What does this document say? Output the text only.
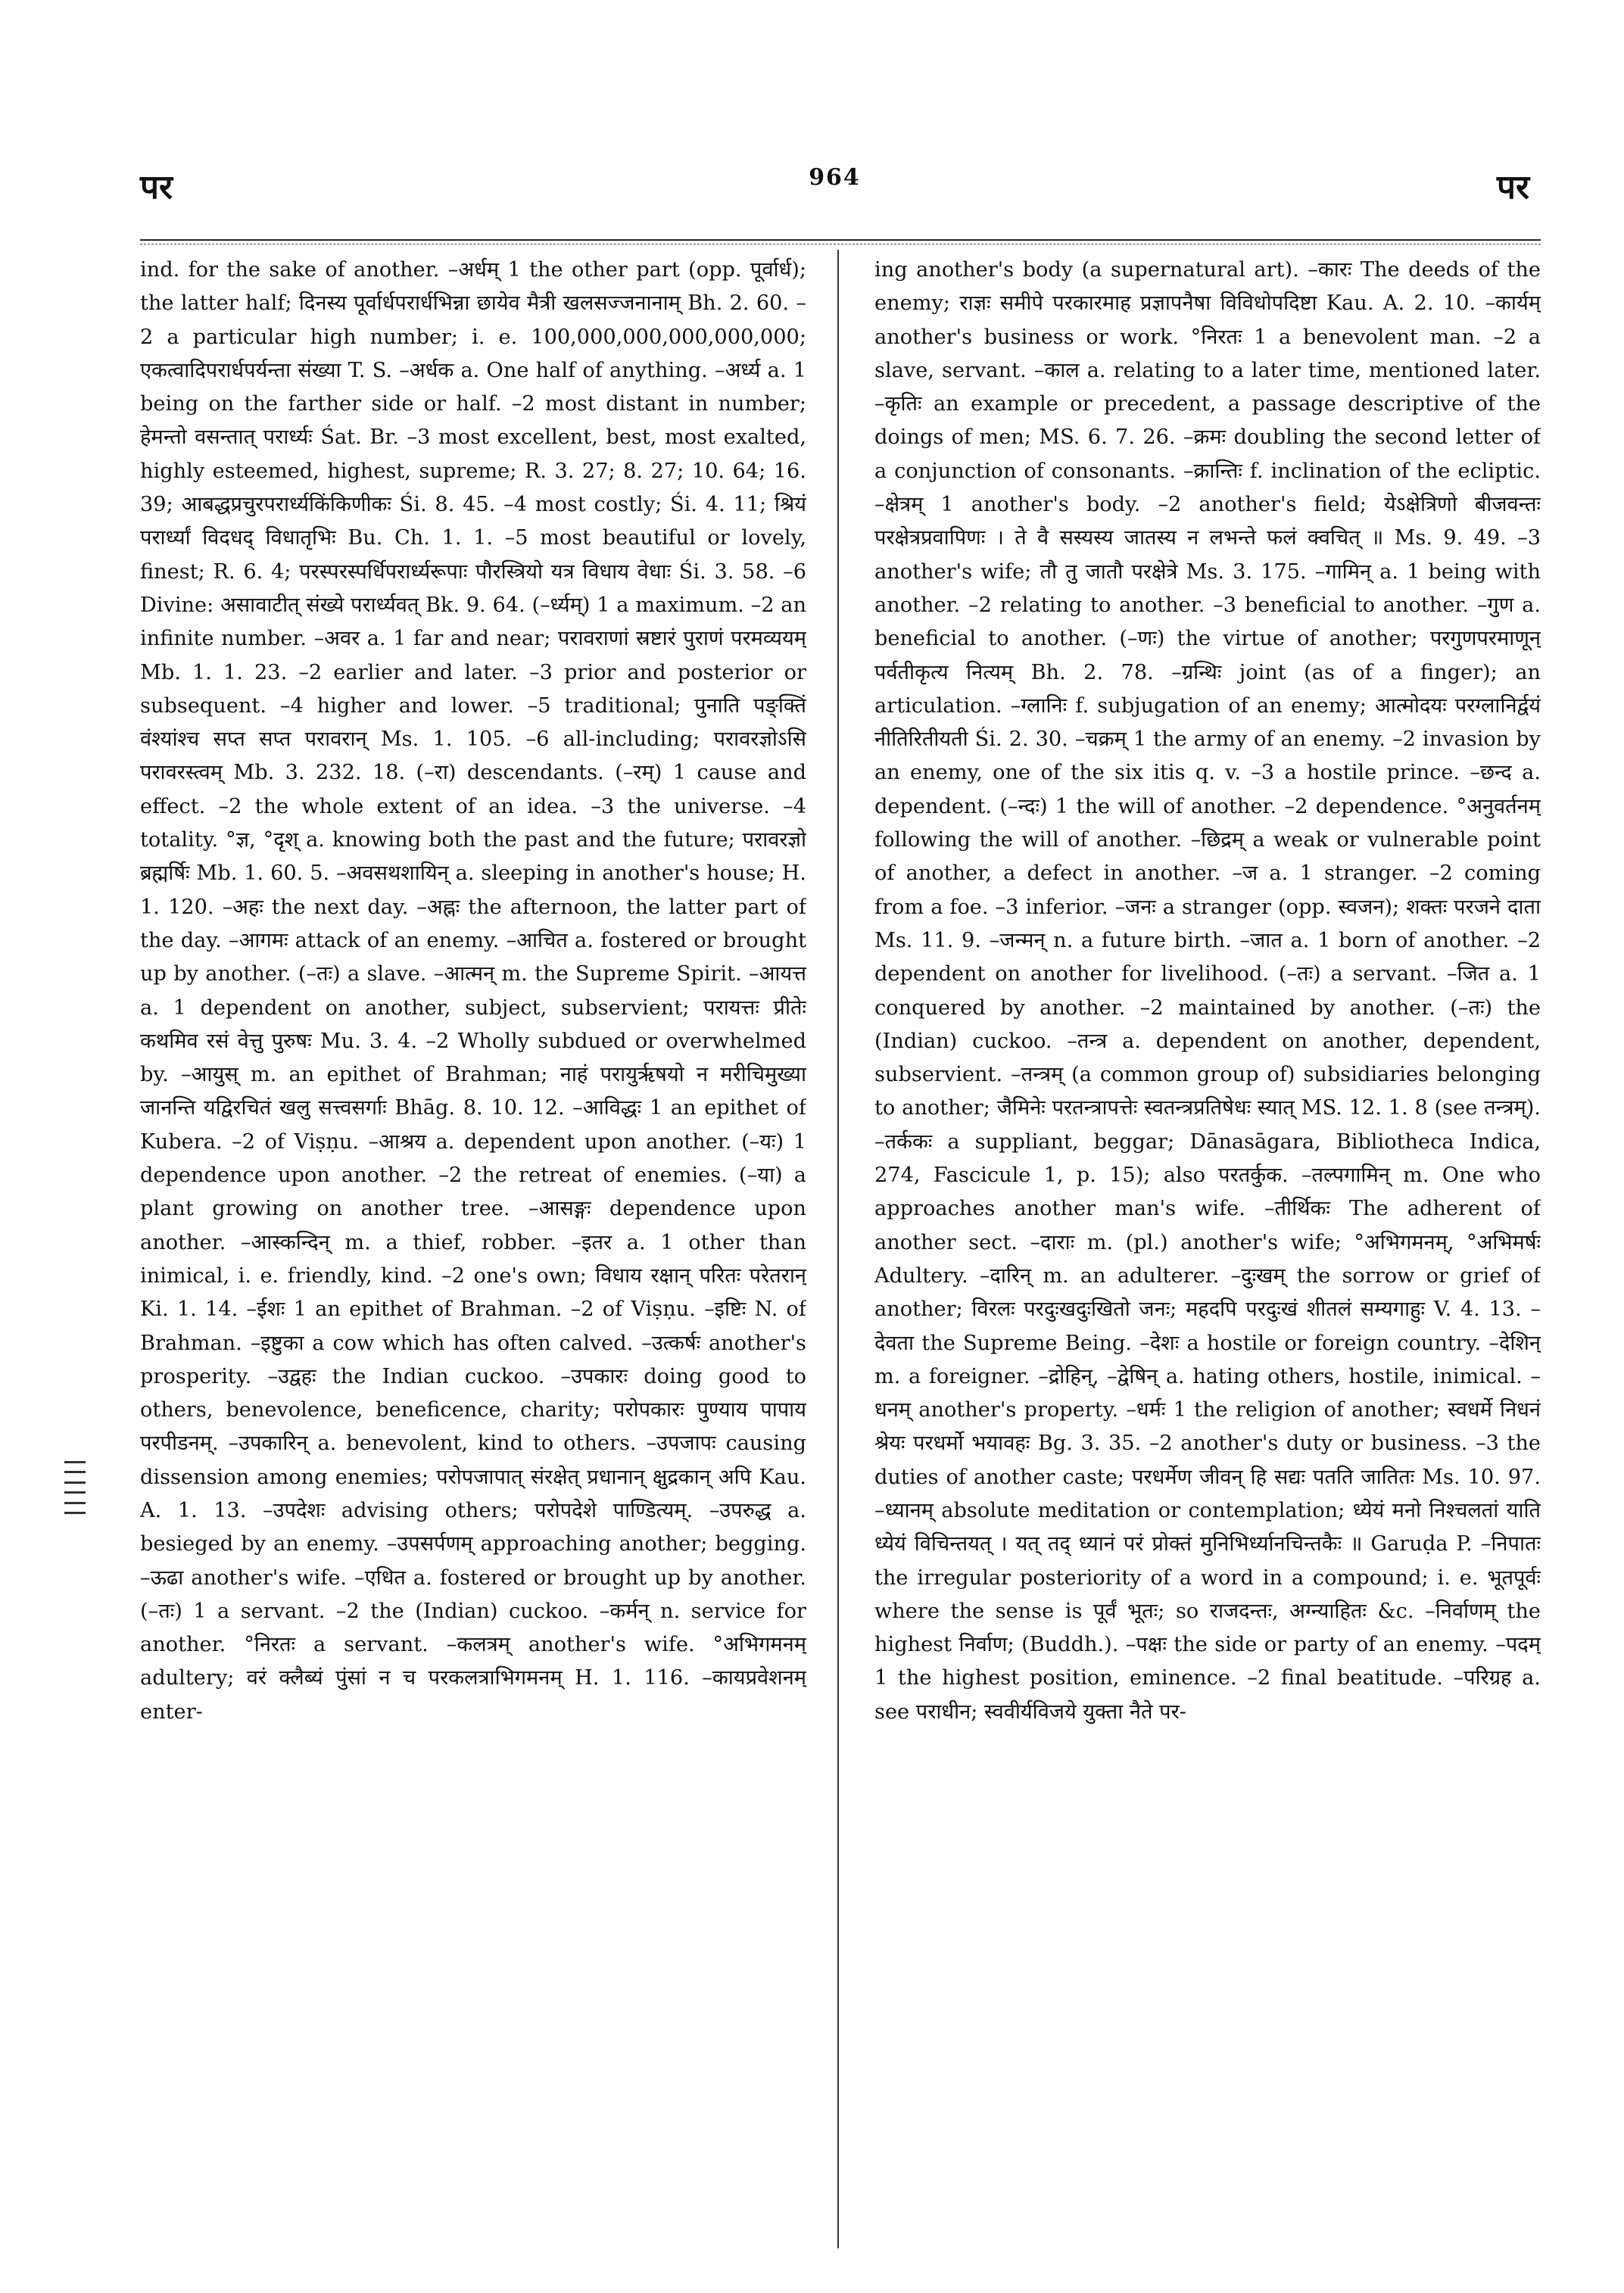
पर	964	पर
ind. for the sake of another. –अर्धम् 1 the other part (opp. पूर्वार्ध); the latter half; दिनस्य पूर्वार्धपरार्धभिन्ना छायेव मैत्री खलसज्जनानाम् Bh. 2. 60. –2 a particular high number; i. e. 100,000,000,000,000,000; एकत्वादिपरार्धपर्यन्ता संख्या T. S. –अर्धक a. One half of anything. –अर्ध्य a. 1 being on the farther side or half. –2 most distant in number; हेमन्तो वसन्तात् परार्ध्यः Śat. Br. –3 most excellent, best, most exalted, highly esteemed, highest, supreme; R. 3. 27; 8. 27; 10. 64; 16. 39; आबद्धप्रचुरपरार्ध्यकिंकिणीकः Śi. 8. 45. –4 most costly; Śi. 4. 11; श्रियं परार्ध्यां विदधद् विधातृभिः Bu. Ch. 1. 1. –5 most beautiful or lovely, finest; R. 6. 4; परस्परस्पर्धिपरार्ध्यरूपाः पौरस्त्रियो यत्र विधाय वेधाः Śi. 3. 58. –6 Divine: असावाटीत् संख्ये परार्ध्यवत् Bk. 9. 64. (–र्ध्यम्) 1 a maximum. –2 an infinite number. –अवर a. 1 far and near; परावराणां स्रष्टारं पुराणं परमव्ययम् Mb. 1. 1. 23. –2 earlier and later. –3 prior and posterior or subsequent. –4 higher and lower. –5 traditional; पुनाति पङ्क्तिं वंश्यांश्च सप्त सप्त परावरान् Ms. 1. 105. –6 all-including; परावरज्ञोऽसि परावरस्त्वम् Mb. 3. 232. 18. (–रा) descendants. (–रम्) 1 cause and effect. –2 the whole extent of an idea. –3 the universe. –4 totality. °ज्ञ, °दृश् a. knowing both the past and the future; परावरज्ञो ब्रह्मर्षिः Mb. 1. 60. 5. –अवसथशायिन् a. sleeping in another's house; H. 1. 120. –अहः the next day. –अह्नः the afternoon, the latter part of the day. –आगमः attack of an enemy. –आचित a. fostered or brought up by another. (–तः) a slave. –आत्मन् m. the Supreme Spirit. –आयत्त a. 1 dependent on another, subject, subservient; परायत्तः प्रीतेः कथमिव रसं वेत्तु पुरुषः Mu. 3. 4. –2 Wholly subdued or overwhelmed by. –आयुस् m. an epithet of Brahman; नाहं परायुर्ऋषयो न मरीचिमुख्या जानन्ति यद्विरचितं खलु सत्त्वसर्गाः Bhāg. 8. 10. 12. –आविद्धः 1 an epithet of Kubera. –2 of Viṣṇu. –आश्रय a. dependent upon another. (–यः) 1 dependence upon another. –2 the retreat of enemies. (–या) a plant growing on another tree. –आसङ्गः dependence upon another. –आस्कन्दिन् m. a thief, robber. –इतर a. 1 other than inimical, i. e. friendly, kind. –2 one's own; विधाय रक्षान् परितः परेतरान् Ki. 1. 14. –ईशः 1 an epithet of Brahman. –2 of Viṣṇu. –इष्टिः N. of Brahman. –इष्टुका a cow which has often calved. –उत्कर्षः another's prosperity. –उद्वहः the Indian cuckoo. –उपकारः doing good to others, benevolence, beneficence, charity; परोपकारः पुण्याय पापाय परपीडनम्. –उपकारिन् a. benevolent, kind to others. –उपजापः causing dissension among enemies; परोपजापात् संरक्षेत् प्रधानान् क्षुद्रकान् अपि Kau. A. 1. 13. –उपदेशः advising others; परोपदेशे पाण्डित्यम्. –उपरुद्ध a. besieged by an enemy. –उपसर्पणम् approaching another; begging. –ऊढा another's wife. –एधित a. fostered or brought up by another. (–तः) 1 a servant. –2 the (Indian) cuckoo. –कर्मन् n. service for another. °निरतः a servant. –कलत्रम् another's wife. °अभिगमनम् adultery; वरं क्लैब्यं पुंसां न च परकलत्राभिगमनम् H. 1. 116. –कायप्रवेशनम् enter-
ing another's body (a supernatural art). –कारः The deeds of the enemy; राज्ञः समीपे परकारमाह प्रज्ञापनैषा विविधोपदिष्टा Kau. A. 2. 10. –कार्यम् another's business or work. °निरतः 1 a benevolent man. –2 a slave, servant. –काल a. relating to a later time, mentioned later. –कृतिः an example or precedent, a passage descriptive of the doings of men; MS. 6. 7. 26. –क्रमः doubling the second letter of a conjunction of consonants. –क्रान्तिः f. inclination of the ecliptic. –क्षेत्रम् 1 another's body. –2 another's field; येऽक्षेत्रिणो बीजवन्तः परक्षेत्रप्रवापिणः । ते वै सस्यस्य जातस्य न लभन्ते फलं क्वचित् ॥ Ms. 9. 49. –3 another's wife; तौ तु जातौ परक्षेत्रे Ms. 3. 175. –गामिन् a. 1 being with another. –2 relating to another. –3 beneficial to another. –गुण a. beneficial to another. (–णः) the virtue of another; परगुणपरमाणून् पर्वतीकृत्य नित्यम् Bh. 2. 78. –ग्रन्थिः joint (as of a finger); an articulation. –ग्लानिः f. subjugation of an enemy; आत्मोदयः परग्लानिर्द्वयं नीतिरितीयती Śi. 2. 30. –चक्रम् 1 the army of an enemy. –2 invasion by an enemy, one of the six itis q. v. –3 a hostile prince. –छन्द a. dependent. (–न्दः) 1 the will of another. –2 dependence. °अनुवर्तनम् following the will of another. –छिद्रम् a weak or vulnerable point of another, a defect in another. –ज a. 1 stranger. –2 coming from a foe. –3 inferior. –जनः a stranger (opp. स्वजन); शक्तः परजने दाता Ms. 11. 9. –जन्मन् n. a future birth. –जात a. 1 born of another. –2 dependent on another for livelihood. (–तः) a servant. –जित a. 1 conquered by another. –2 maintained by another. (–तः) the (Indian) cuckoo. –तन्त्र a. dependent on another, dependent, subservient. –तन्त्रम् (a common group of) subsidiaries belonging to another; जैमिनेः परतन्त्रापत्तेः स्वतन्त्रप्रतिषेधः स्यात् MS. 12. 1. 8 (see तन्त्रम्). –तर्ककः a suppliant, beggar; Dānasāgara, Bibliotheca Indica, 274, Fascicule 1, p. 15); also परतर्कुक. –तल्पगामिन् m. One who approaches another man's wife. –तीर्थिकः The adherent of another sect. –दाराः m. (pl.) another's wife; °अभिगमनम्, °अभिमर्षः Adultery. –दारिन् m. an adulterer. –दुःखम् the sorrow or grief of another; विरलः परदुःखदुःखितो जनः; महदपि परदुःखं शीतलं सम्यगाहुः V. 4. 13. –देवता the Supreme Being. –देशः a hostile or foreign country. –देशिन् m. a foreigner. –द्रोहिन्, –द्वेषिन् a. hating others, hostile, inimical. –धनम् another's property. –धर्मः 1 the religion of another; स्वधर्मे निधनं श्रेयः परधर्मो भयावहः Bg. 3. 35. –2 another's duty or business. –3 the duties of another caste; परधर्मेण जीवन् हि सद्यः पतति जातितः Ms. 10. 97. –ध्यानम् absolute meditation or contemplation; ध्येयं मनो निश्चलतां याति ध्येयं विचिन्तयत् । यत् तद् ध्यानं परं प्रोक्तं मुनिभिर्ध्यानचिन्तकैः ॥ Garuḍa P. –निपातः the irregular posteriority of a word in a compound; i. e. भूतपूर्वः where the sense is पूर्वं भूतः; so राजदन्तः, अग्न्याहितः &c. –निर्वाणम् the highest निर्वाण; (Buddh.). –पक्षः the side or party of an enemy. –पदम् 1 the highest position, eminence. –2 final beatitude. –परिग्रह a. see पराधीन; स्ववीर्यविजये युक्ता नैते पर-
